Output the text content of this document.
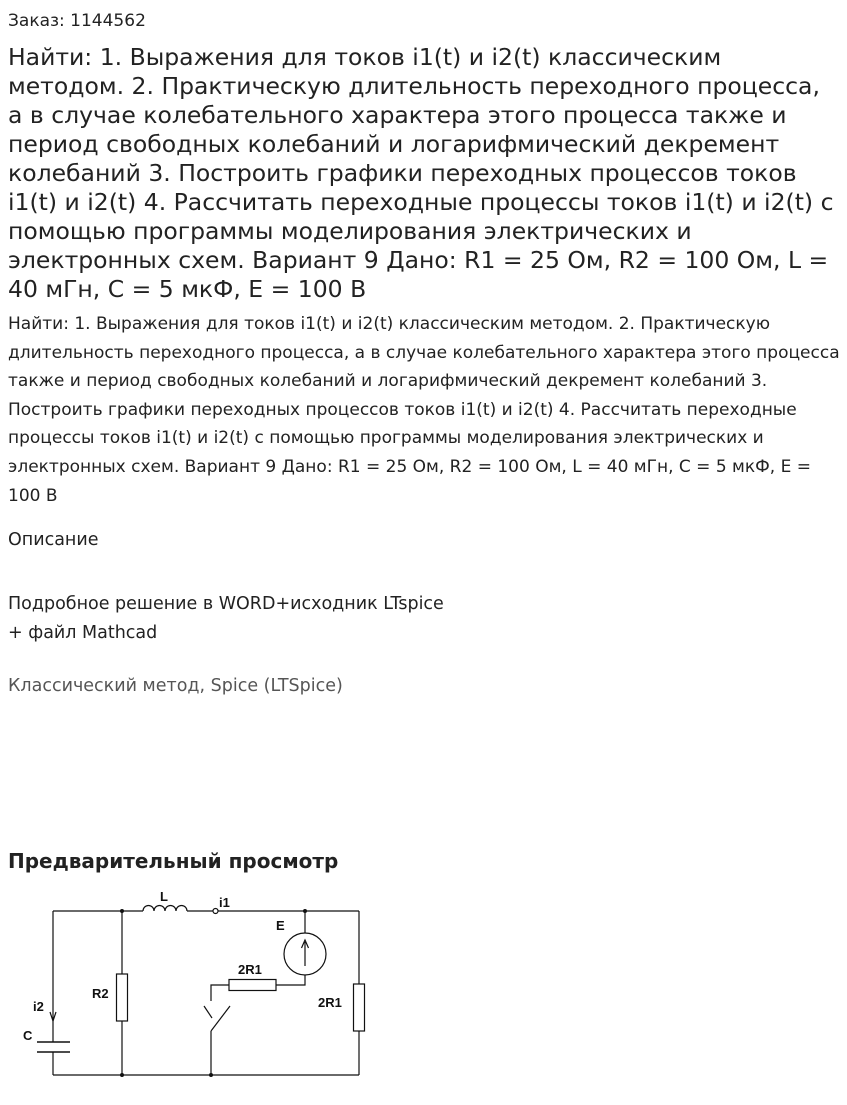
Заказ: 1144562
Найти: 1. Выражения для токов i1(t) и i2(t) классическим методом. 2. Практическую длительность переходного процесса, а в случае колебательного характера этого процесса также и период свободных колебаний и логарифмический декремент колебаний 3. Построить графики переходных процессов токов i1(t) и i2(t) 4. Рассчитать переходные процессы токов i1(t) и i2(t) с помощью программы моделирования электрических и электронных схем. Вариант 9 Дано: R1 = 25 Ом, R2 = 100 Ом, L = 40 мГн, C = 5 мкФ, E = 100 В
Найти: 1. Выражения для токов i1(t) и i2(t) классическим методом. 2. Практическую длительность переходного процесса, а в случае колебательного характера этого процесса также и период свободных колебаний и логарифмический декремент колебаний 3. Построить графики переходных процессов токов i1(t) и i2(t) 4. Рассчитать переходные процессы токов i1(t) и i2(t) с помощью программы моделирования электрических и электронных схем. Вариант 9 Дано: R1 = 25 Ом, R2 = 100 Ом, L = 40 мГн, C = 5 мкФ, E = 100 В
Описание
Подробное решение в WORD+исходник LTspice
+ файл Mathcad
Классический метод, Spice (LTSpice)
Предварительный просмотр
L	i1
E
2R1
2R1
R2
i2
C
